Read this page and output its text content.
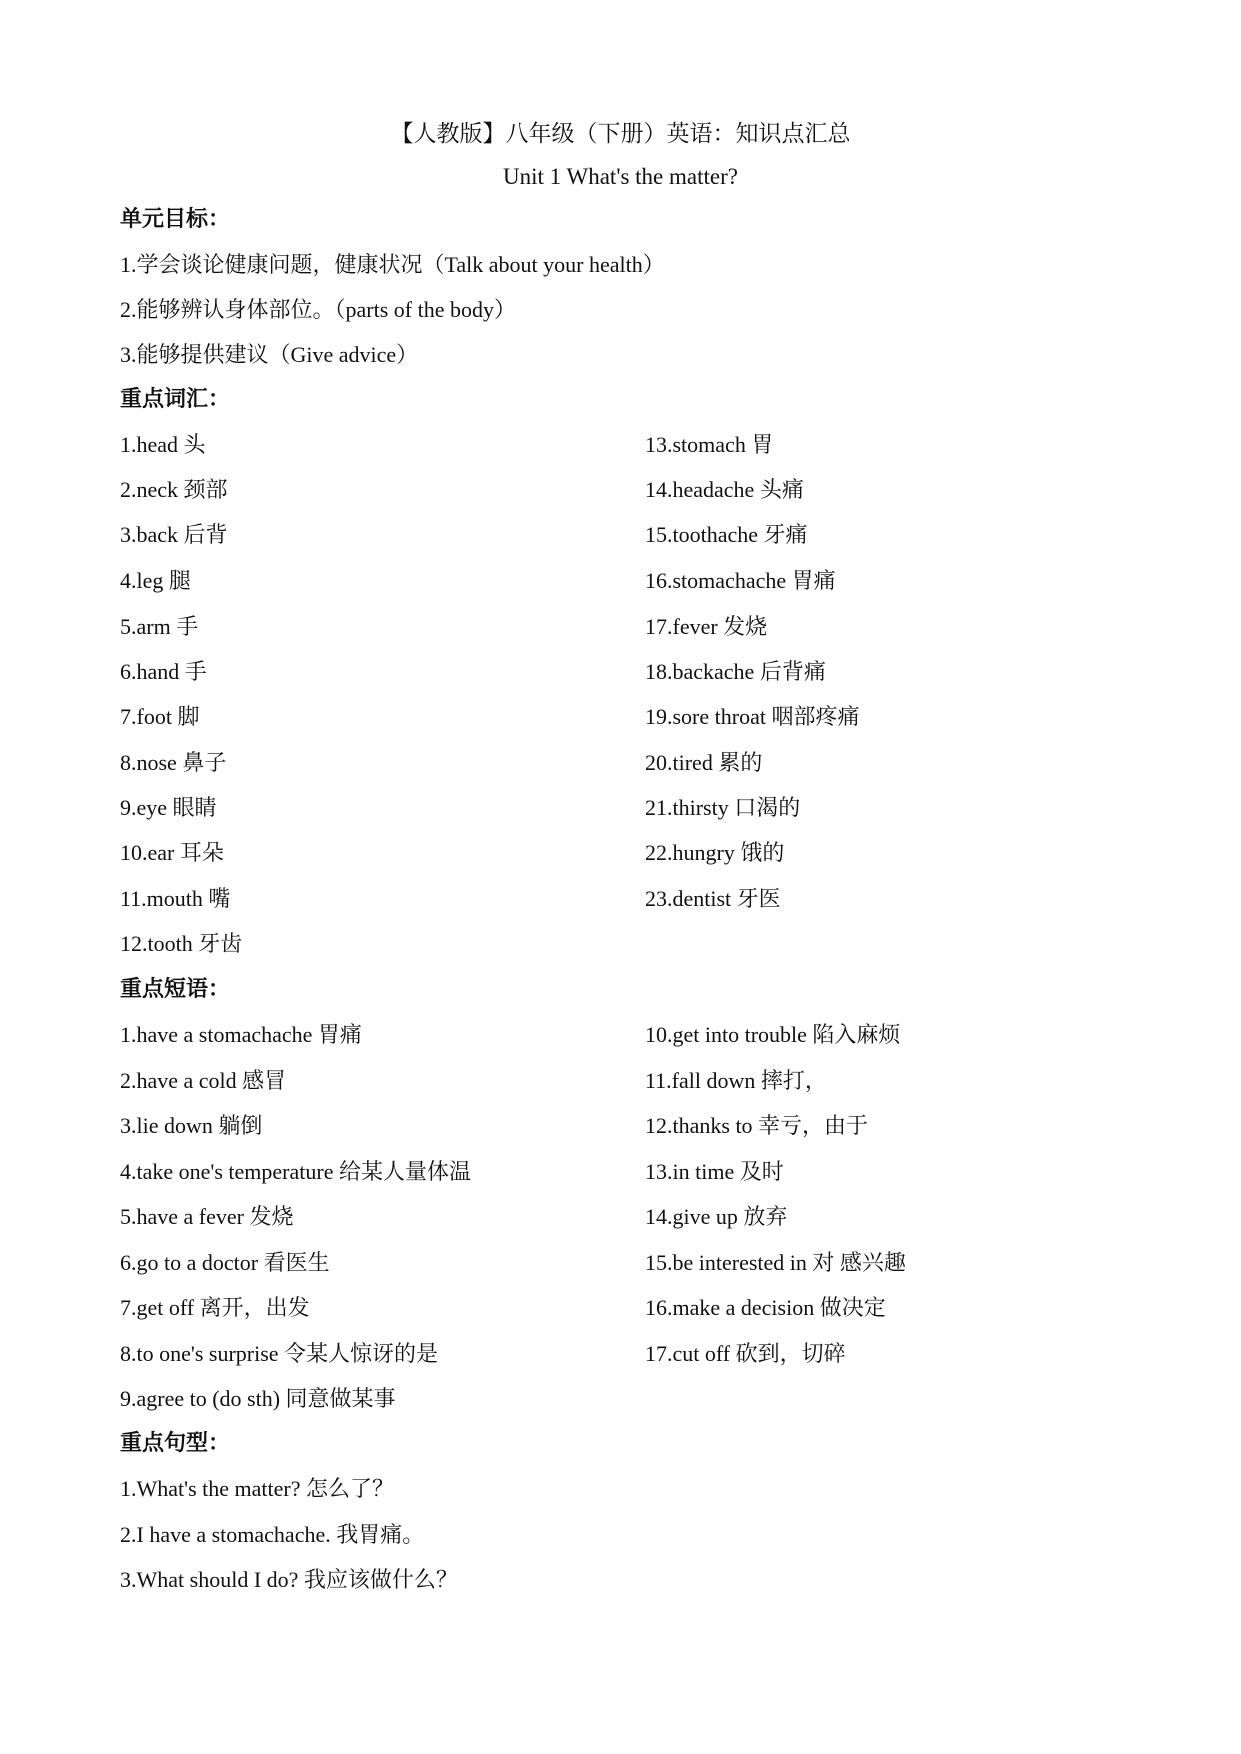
【人教版】八年级（下册）英语：知识点汇总
Unit 1 What's the matter?
单元目标：
1.学会谈论健康问题，健康状况（Talk about your health）
2.能够辨认身体部位。（parts of the body）
3.能够提供建议（Give advice）
重点词汇：
1.head 头
2.neck 颈部
3.back 后背
4.leg 腿
5.arm 手
6.hand 手
7.foot 脚
8.nose 鼻子
9.eye 眼睛
10.ear 耳朵
11.mouth 嘴
12.tooth 牙齿
13.stomach 胃
14.headache 头痛
15.toothache 牙痛
16.stomachache 胃痛
17.fever 发烧
18.backache 后背痛
19.sore throat 咽部疼痛
20.tired 累的
21.thirsty 口渴的
22.hungry 饿的
23.dentist 牙医
重点短语：
1.have a stomachache 胃痛
2.have a cold 感冒
3.lie down 躺倒
4.take one's temperature 给某人量体温
5.have a fever 发烧
6.go to a doctor 看医生
7.get off 离开，出发
8.to one's surprise 令某人惊讶的是
9.agree to (do sth) 同意做某事
10.get into trouble 陷入麻烦
11.fall down 摔打，
12.thanks to 幸亏，由于
13.in time 及时
14.give up 放弃
15.be interested in 对 感兴趣
16.make a decision 做决定
17.cut off 砍到，切碎
重点句型：
1.What's the matter? 怎么了？
2.I have a stomachache. 我胃痛。
3.What should I do? 我应该做什么？
